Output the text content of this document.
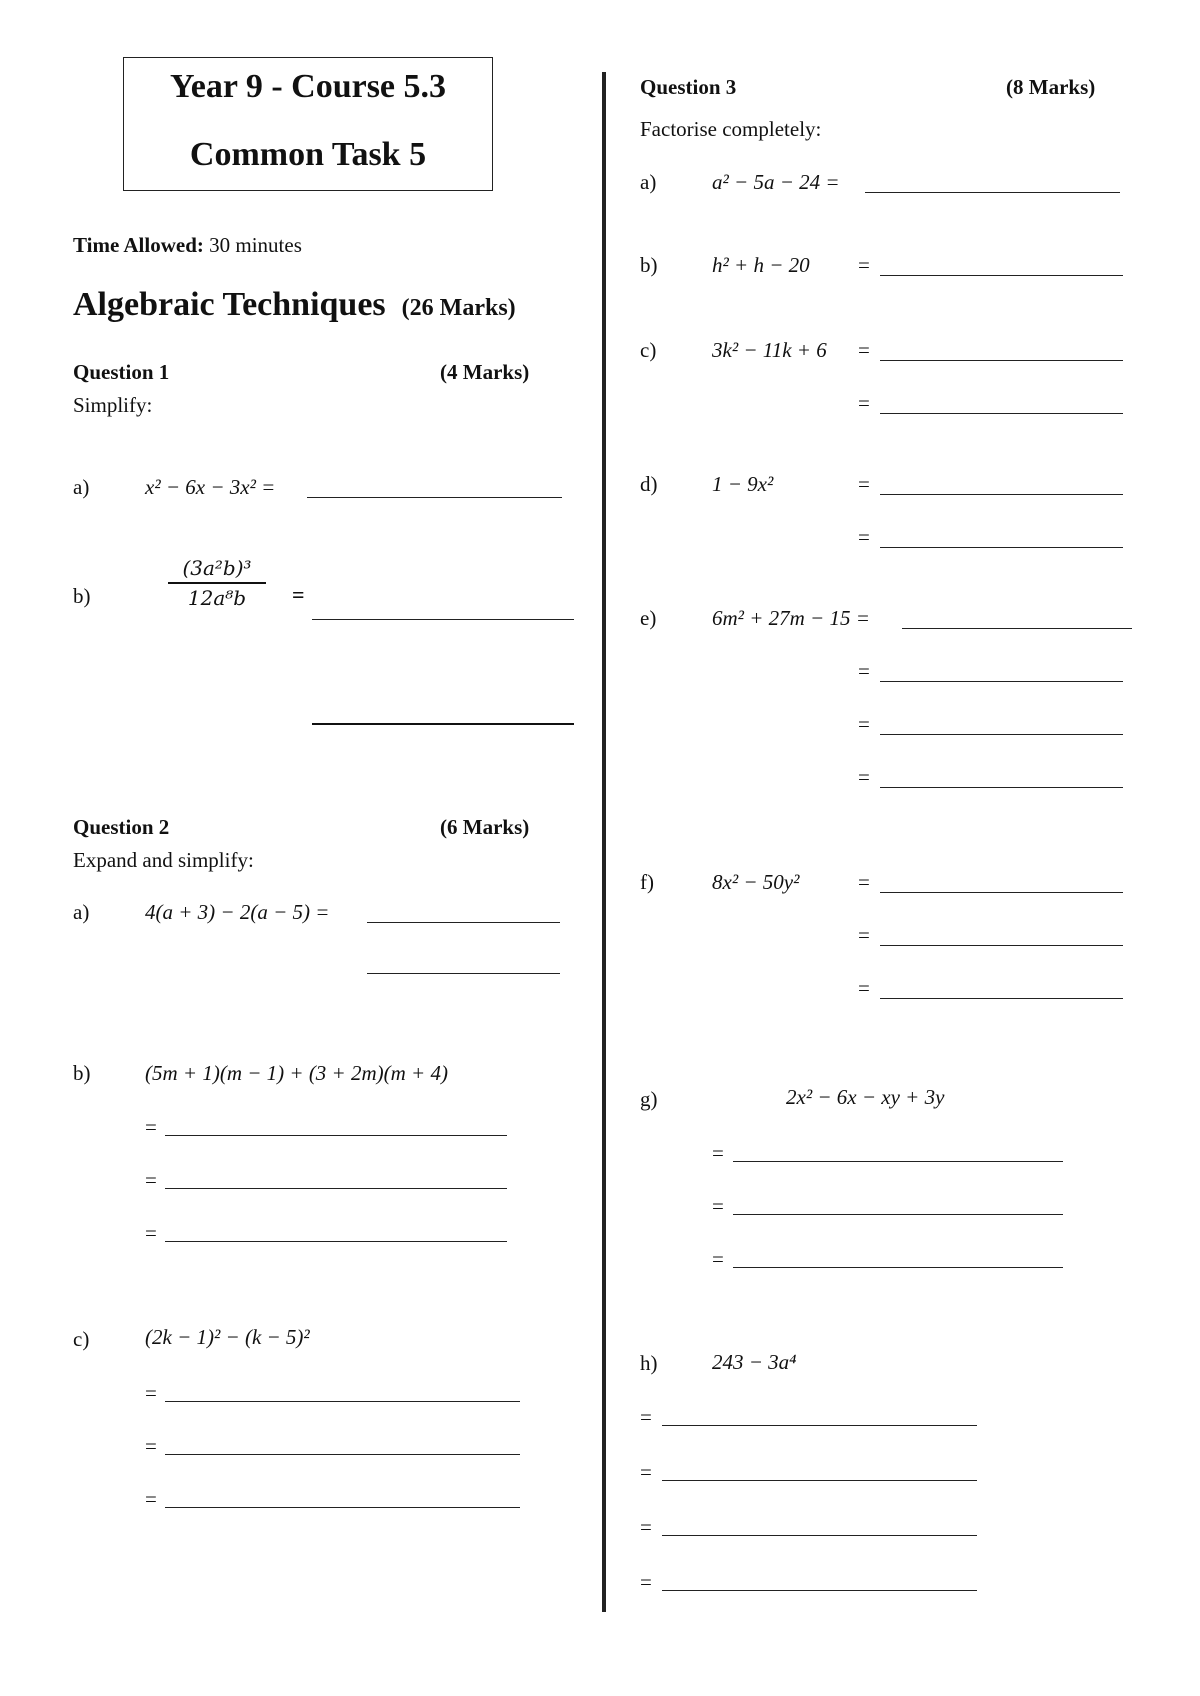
Year 9 - Course 5.3
Common Task 5
Time Allowed: 30 minutes
Algebraic Techniques (26 Marks)
Question 1	(4 Marks)
Simplify:
a)	x² − 6x − 3x² =
b)
(3a²b)³
12a⁸b	=
Question 2	(6 Marks)
Expand and simplify:
a)	4(a + 3) − 2(a − 5) =
b)	(5m + 1)(m − 1) + (3 + 2m)(m + 4)
=
=
=
c)	(2k − 1)² − (k − 5)²
=
=
=
Question 3	(8 Marks)
Factorise completely:
a)	a² − 5a − 24 =
b)	h² + h − 20 =
c)	3k² − 11k + 6 =
=
d)	1 − 9x²	=
=
e)	6m² + 27m − 15 =
=
=
=
f)	8x² − 50y²	=
=
=
g)	2x² − 6x − xy + 3y
=
=
=
h)	243 − 3a⁴
=
=
=
=
